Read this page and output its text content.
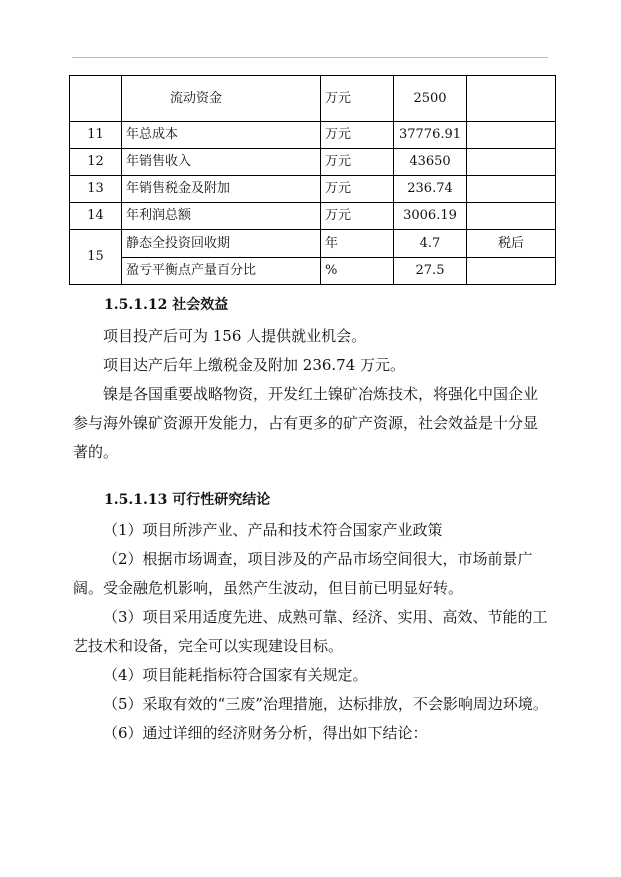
	流动资金	万元	2500	
11	年总成本	万元	37776.91	
12	年销售收入	万元	43650	
13	年销售税金及附加	万元	236.74	
14	年利润总额	万元	3006.19	
15	静态全投资回收期	年	4.7	税后
	盈亏平衡点产量百分比	%	27.5	
1.5.1.12 社会效益

项目投产后可为 156 人提供就业机会。

项目达产后年上缴税金及附加 236.74 万元。

镍是各国重要战略物资，开发红土镍矿冶炼技术，将强化中国企业参与海外镍矿资源开发能力，占有更多的矿产资源，社会效益是十分显著的。

1.5.1.13 可行性研究结论

（1）项目所涉产业、产品和技术符合国家产业政策

（2）根据市场调查，项目涉及的产品市场空间很大，市场前景广阔。受金融危机影响，虽然产生波动，但目前已明显好转。

（3）项目采用适度先进、成熟可靠、经济、实用、高效、节能的工艺技术和设备，完全可以实现建设目标。

（4）项目能耗指标符合国家有关规定。

（5）采取有效的“三废”治理措施，达标排放，不会影响周边环境。

（6）通过详细的经济财务分析，得出如下结论：
